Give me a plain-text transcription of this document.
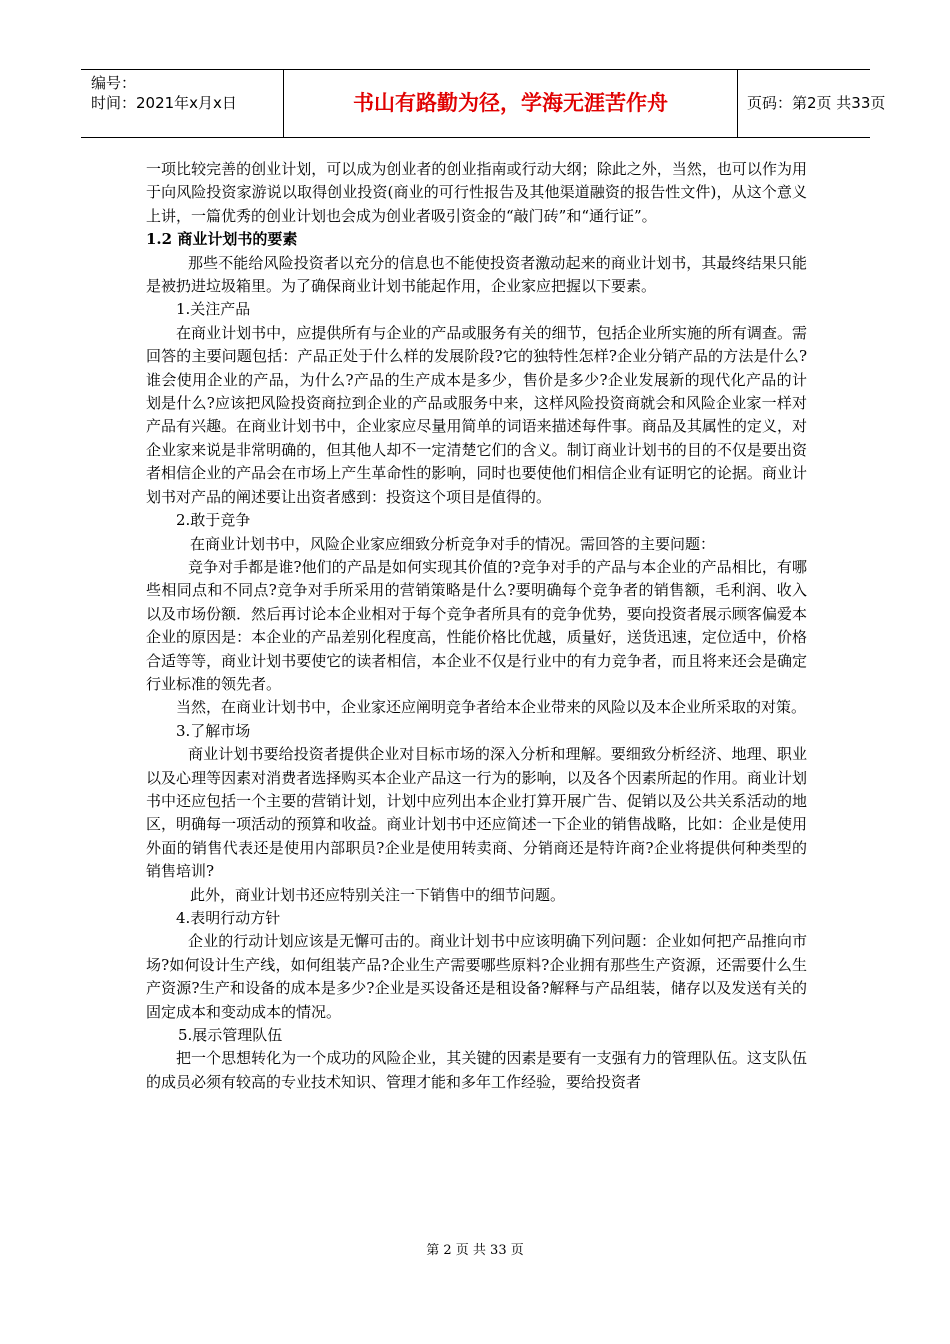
编号：
时间：2021年x月x日	书山有路勤为径，学海无涯苦作舟	页码：第2页 共33页

一项比较完善的创业计划，可以成为创业者的创业指南或行动大纲；除此之外，当然，也可以作为用于向风险投资家游说以取得创业投资(商业的可行性报告及其他渠道融资的报告性文件)，从这个意义上讲，一篇优秀的创业计划也会成为创业者吸引资金的“敲门砖”和“通行证”。

1.2 商业计划书的要素

那些不能给风险投资者以充分的信息也不能使投资者激动起来的商业计划书，其最终结果只能是被扔进垃圾箱里。为了确保商业计划书能起作用，企业家应把握以下要素。

1.关注产品

在商业计划书中，应提供所有与企业的产品或服务有关的细节，包括企业所实施的所有调查。需回答的主要问题包括：产品正处于什么样的发展阶段?它的独特性怎样?企业分销产品的方法是什么?谁会使用企业的产品，为什么?产品的生产成本是多少，售价是多少?企业发展新的现代化产品的计划是什么?应该把风险投资商拉到企业的产品或服务中来，这样风险投资商就会和风险企业家一样对产品有兴趣。在商业计划书中，企业家应尽量用简单的词语来描述每件事。商品及其属性的定义，对企业家来说是非常明确的，但其他人却不一定清楚它们的含义。制订商业计划书的目的不仅是要出资者相信企业的产品会在市场上产生革命性的影响，同时也要使他们相信企业有证明它的论据。商业计划书对产品的阐述要让出资者感到：投资这个项目是值得的。

2.敢于竞争

在商业计划书中，风险企业家应细致分析竞争对手的情况。需回答的主要问题：

竞争对手都是谁?他们的产品是如何实现其价值的?竞争对手的产品与本企业的产品相比，有哪些相同点和不同点?竞争对手所采用的营销策略是什么?要明确每个竞争者的销售额，毛利润、收入以及市场份额．然后再讨论本企业相对于每个竞争者所具有的竞争优势，要向投资者展示顾客偏爱本企业的原因是：本企业的产品差别化程度高，性能价格比优越，质量好，送货迅速，定位适中，价格合适等等，商业计划书要使它的读者相信，本企业不仅是行业中的有力竞争者，而且将来还会是确定行业标准的领先者。

当然，在商业计划书中，企业家还应阐明竞争者给本企业带来的风险以及本企业所采取的对策。

3.了解市场

商业计划书要给投资者提供企业对目标市场的深入分析和理解。要细致分析经济、地理、职业以及心理等因素对消费者选择购买本企业产品这一行为的影响，以及各个因素所起的作用。商业计划书中还应包括一个主要的营销计划，计划中应列出本企业打算开展广告、促销以及公共关系活动的地区，明确每一项活动的预算和收益。商业计划书中还应简述一下企业的销售战略，比如：企业是使用外面的销售代表还是使用内部职员?企业是使用转卖商、分销商还是特许商?企业将提供何种类型的销售培训?

此外，商业计划书还应特别关注一下销售中的细节问题。

4.表明行动方针

企业的行动计划应该是无懈可击的。商业计划书中应该明确下列问题：企业如何把产品推向市场?如何设计生产线，如何组装产品?企业生产需要哪些原料?企业拥有那些生产资源，还需要什么生产资源?生产和设备的成本是多少?企业是买设备还是租设备?解释与产品组装，储存以及发送有关的固定成本和变动成本的情况。

5.展示管理队伍

把一个思想转化为一个成功的风险企业，其关键的因素是要有一支强有力的管理队伍。这支队伍的成员必须有较高的专业技术知识、管理才能和多年工作经验，要给投资者

第 2 页 共 33 页
